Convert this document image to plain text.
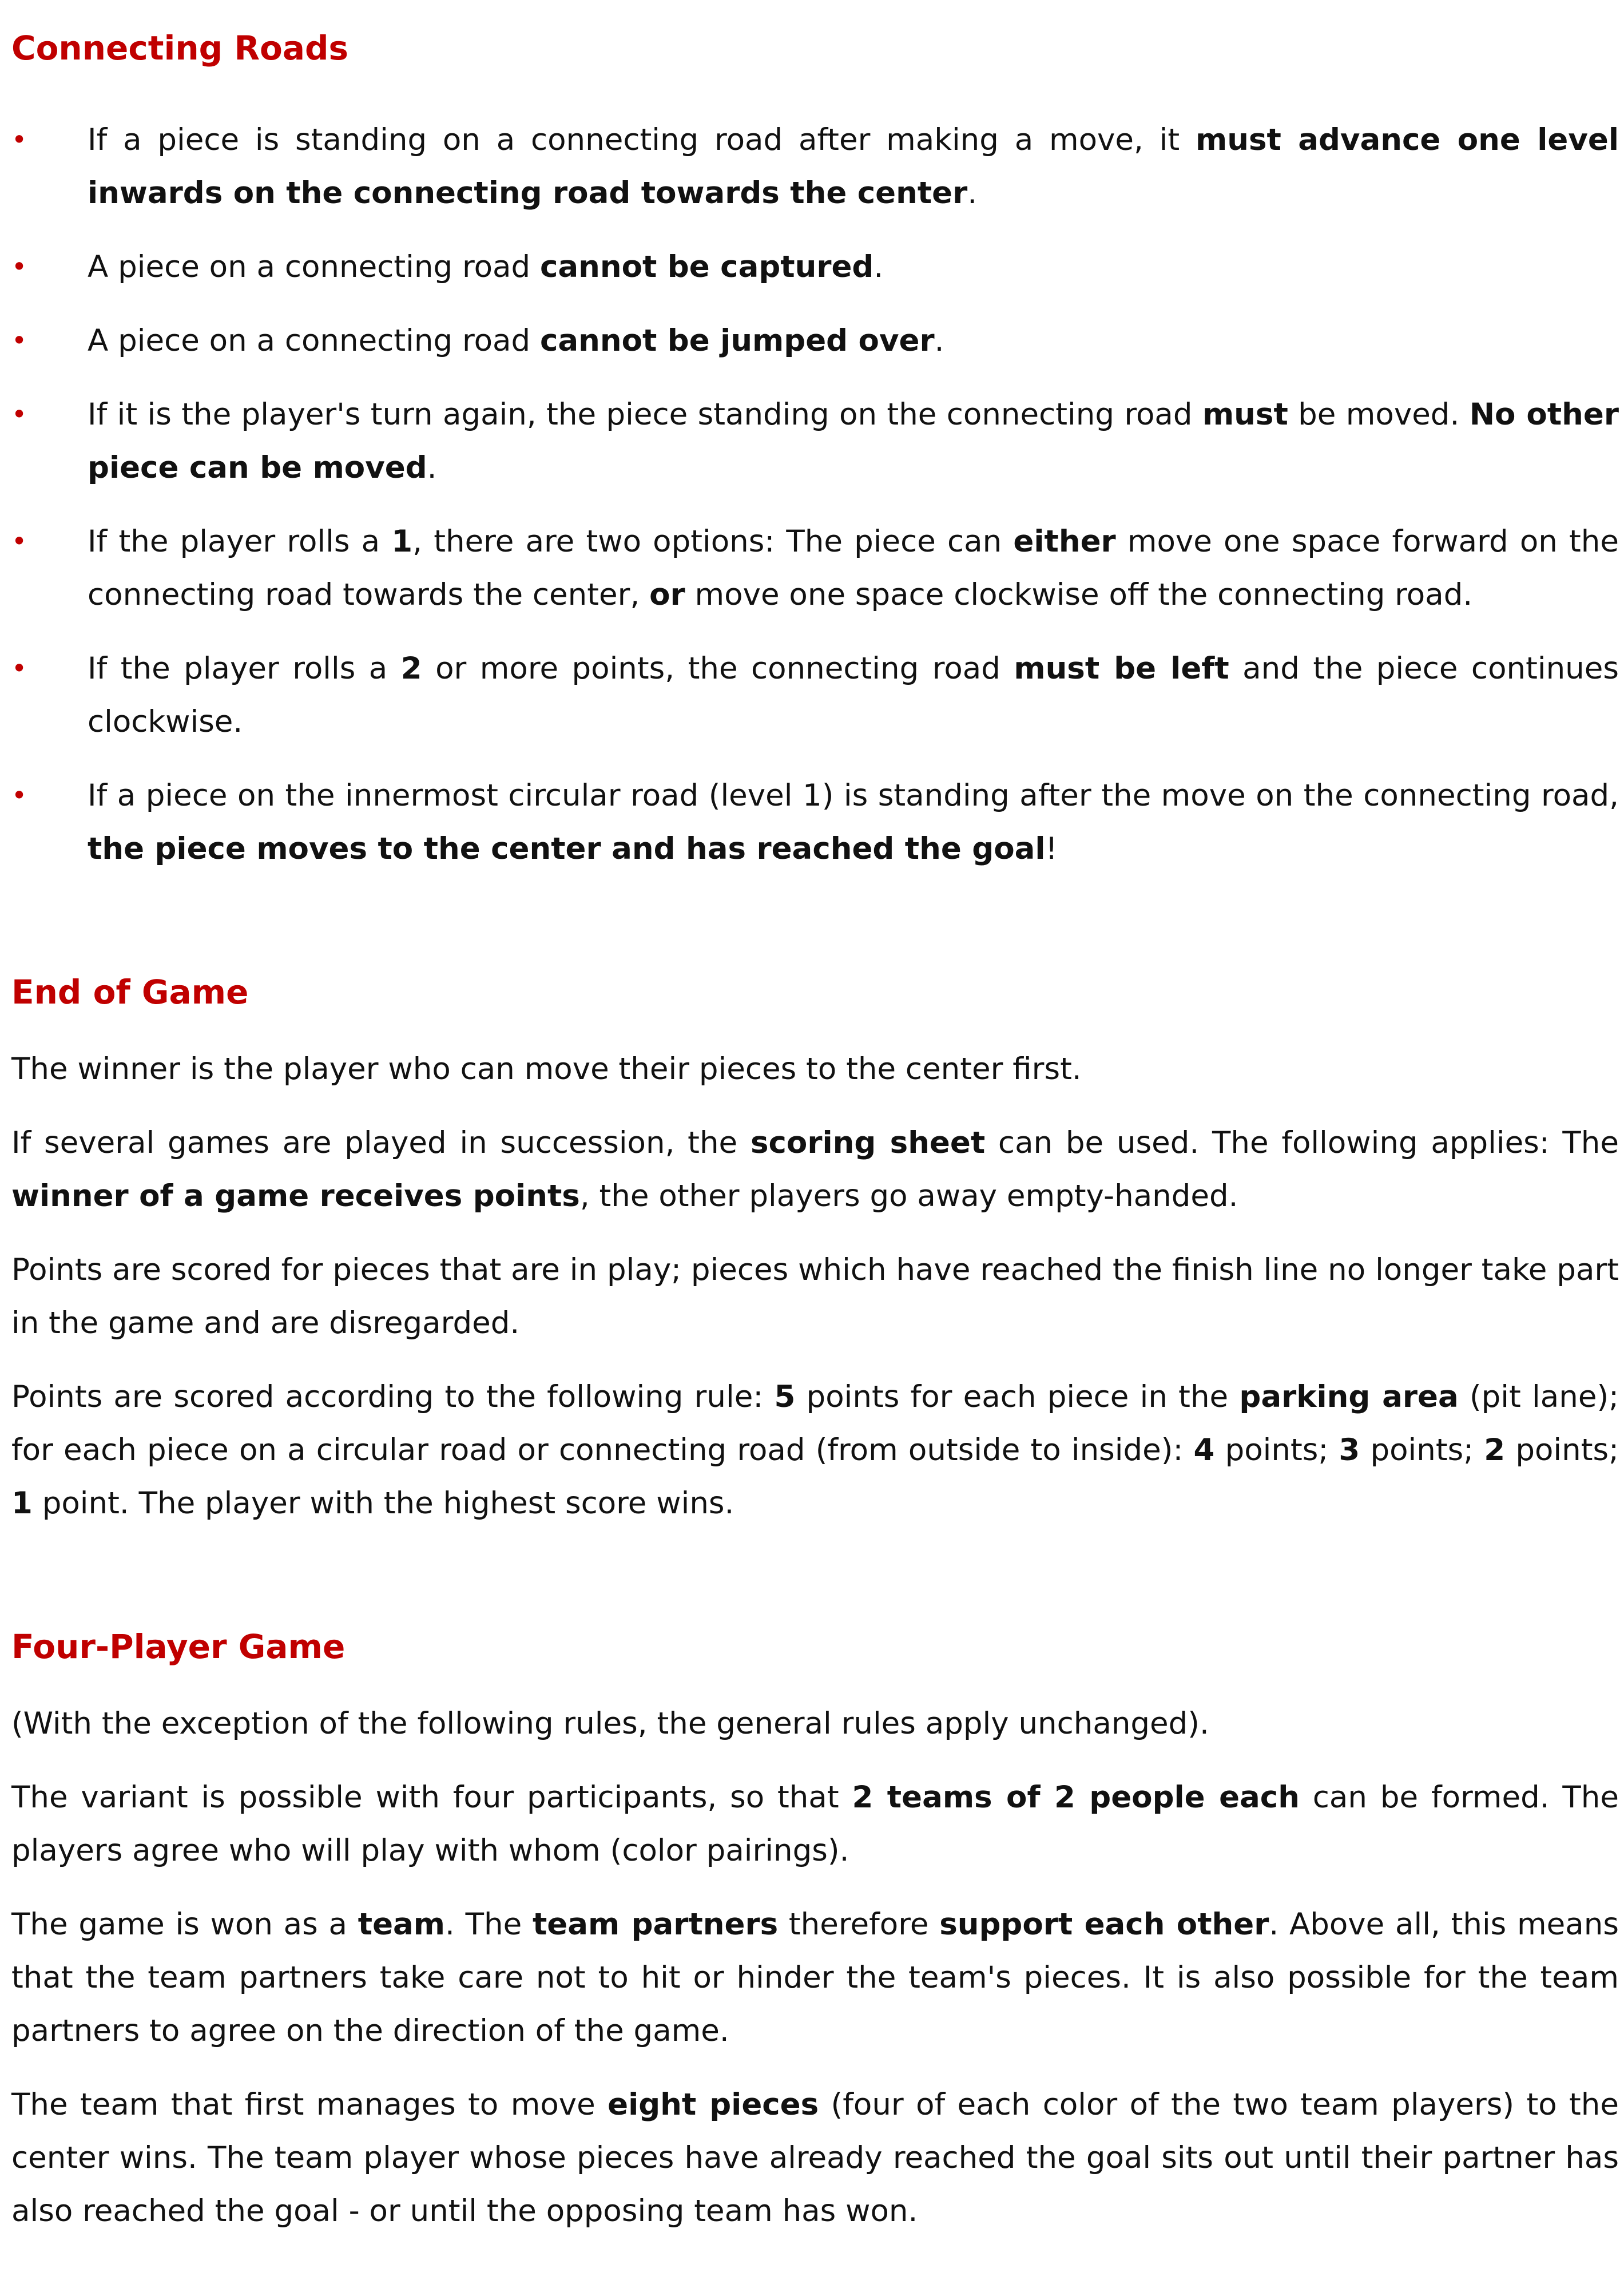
Connecting Roads
• If a piece is standing on a connecting road after making a move, it must advance one level inwards on the connecting road towards the center.
• A piece on a connecting road cannot be captured.
• A piece on a connecting road cannot be jumped over.
• If it is the player's turn again, the piece standing on the connecting road must be moved. No other piece can be moved.
• If the player rolls a 1, there are two options: The piece can either move one space forward on the connecting road towards the center, or move one space clockwise off the connecting road.
• If the player rolls a 2 or more points, the connecting road must be left and the piece continues clockwise.
• If a piece on the innermost circular road (level 1) is standing after the move on the connecting road, the piece moves to the center and has reached the goal!
End of Game

The winner is the player who can move their pieces to the center first.

If several games are played in succession, the scoring sheet can be used. The following applies: The winner of a game receives points, the other players go away empty-handed.

Points are scored for pieces that are in play; pieces which have reached the finish line no longer take part in the game and are disregarded.

Points are scored according to the following rule: 5 points for each piece in the parking area (pit lane); for each piece on a circular road or connecting road (from outside to inside): 4 points; 3 points; 2 points; 1 point. The player with the highest score wins.

Four-Player Game

(With the exception of the following rules, the general rules apply unchanged).

The variant is possible with four participants, so that 2 teams of 2 people each can be formed. The players agree who will play with whom (color pairings).

The game is won as a team. The team partners therefore support each other. Above all, this means that the team partners take care not to hit or hinder the team's pieces. It is also possible for the team partners to agree on the direction of the game.

The team that first manages to move eight pieces (four of each color of the two team players) to the center wins. The team player whose pieces have already reached the goal sits out until their partner has also reached the goal - or until the opposing team has won.
